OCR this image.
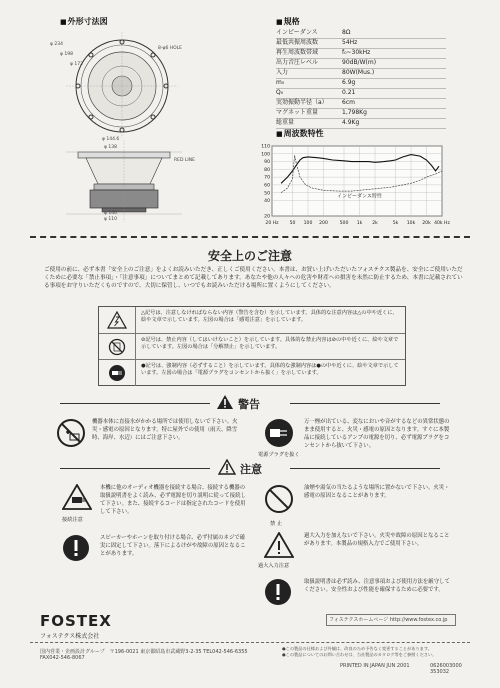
■ 外形寸法図
φ 234
φ 198
φ 172
8-φ6 HOLE
φ 144.6
φ 138
φ 140
φ 110
RED LINE
■ 規格
インピーダンス	8Ω
最低共振周波数	54Hz
再生周波数帯域	f₀~30kHz
出力音圧レベル	90dB/W(m)
入力	80W(Mus.)
m₀	6.9g
Q₀	0.21
実効振動半径（a） 6cm
マグネット重量	1,798Kg
総重量	4.9Kg
■ 周波数特性
20 Hz 50 100 200	500 1k 2k	5k 10k 20k 40k Hz
110
100
90
80
70
60
50
40
20
インピーダンス特性
安全上のご注意
ご使用の前に、必ず本書「安全上のご注意」をよくお読みいただき、正しくご使用ください。本書は、お買い上げいただいたフォステクス製品を、安全にご使用いただくために必要な「禁止事項」・「注意事項」についてまとめて記載してあります。あなたや他の人々への危害や財産への損害を未然に防止するため、本書に記載されている事項をお守りいただくものですので、大切に保管し、いつでもお読みいただける場所に置くようにしてください。
△記号は、注意しなければならない内容（警告を含む）を示しています。具体的な注意内容は△の中や近くに、絵や文章で示しています。左図の場合は「感電注意」を示しています。
⊘記号は、禁止内容（してはいけないこと）を示しています。具体的な禁止内容は⊘の中や近くに、絵や文章で示しています。左図の場合は「分解禁止」を示しています。
●記号は、強制内容（必ずすること）を示しています。具体的な強制内容は●の中や近くに、絵や文章で示しています。左図の場合は「電源プラグをコンセントから抜く」を示しています。
警告
機器本体に直接水がかかる場所では使用しないで下さい。火災・感電の原因となります。特に屋外での使用（雨天、降雪時、海岸、水辺）にはご注意下さい。
電源プラグを抜く
万一煙が出ている、変なにおいや音がするなどの異常状態のまま使用すると、火災・感電の原因となります。すぐに本製品に接続しているアンプの電源を切り、必ず電源プラグをコンセントから抜いて下さい。
注意
接続注意
本機に他のオーディオ機器を接続する場合、接続する機器の取扱説明書をよく読み、必ず電源を切り説明に従って接続して下さい。また、接続するコードは指定されたコードを使用して下さい。
禁 止
油煙や湯気の当たるような場所に置かないで下さい。火災・感電の原因となることがあります。
スピーカーやホーンを取り付ける場合、必ず付属のネジで確実に固定して下さい。落下によるけがや故障の原因となることがあります。
過大入力注意
過大入力を加えないで下さい。火災や故障の原因となることがあります。本製品の規格入力でご使用下さい。
取扱説明書は必ず読み、注意事項および使用方法を厳守してください。安全性および性能を確保するために必要です。
FOSTEX
フォステクス株式会社
フォステクスホームページ http://www.fostex.co.jp
国内営業・企画設計グループ　〒196-0021 東京都昭島市武蔵野3-2-35 TEL042-546-6355 FAX042-546-8067
●この製品の仕様および外観は、改良のため予告なく変更することがあります。
●この製品についてのお問い合わせは、当社製品のカタログ等をご参照ください。
PRINTED IN JAPAN JUN 2001	0626003000 353032
